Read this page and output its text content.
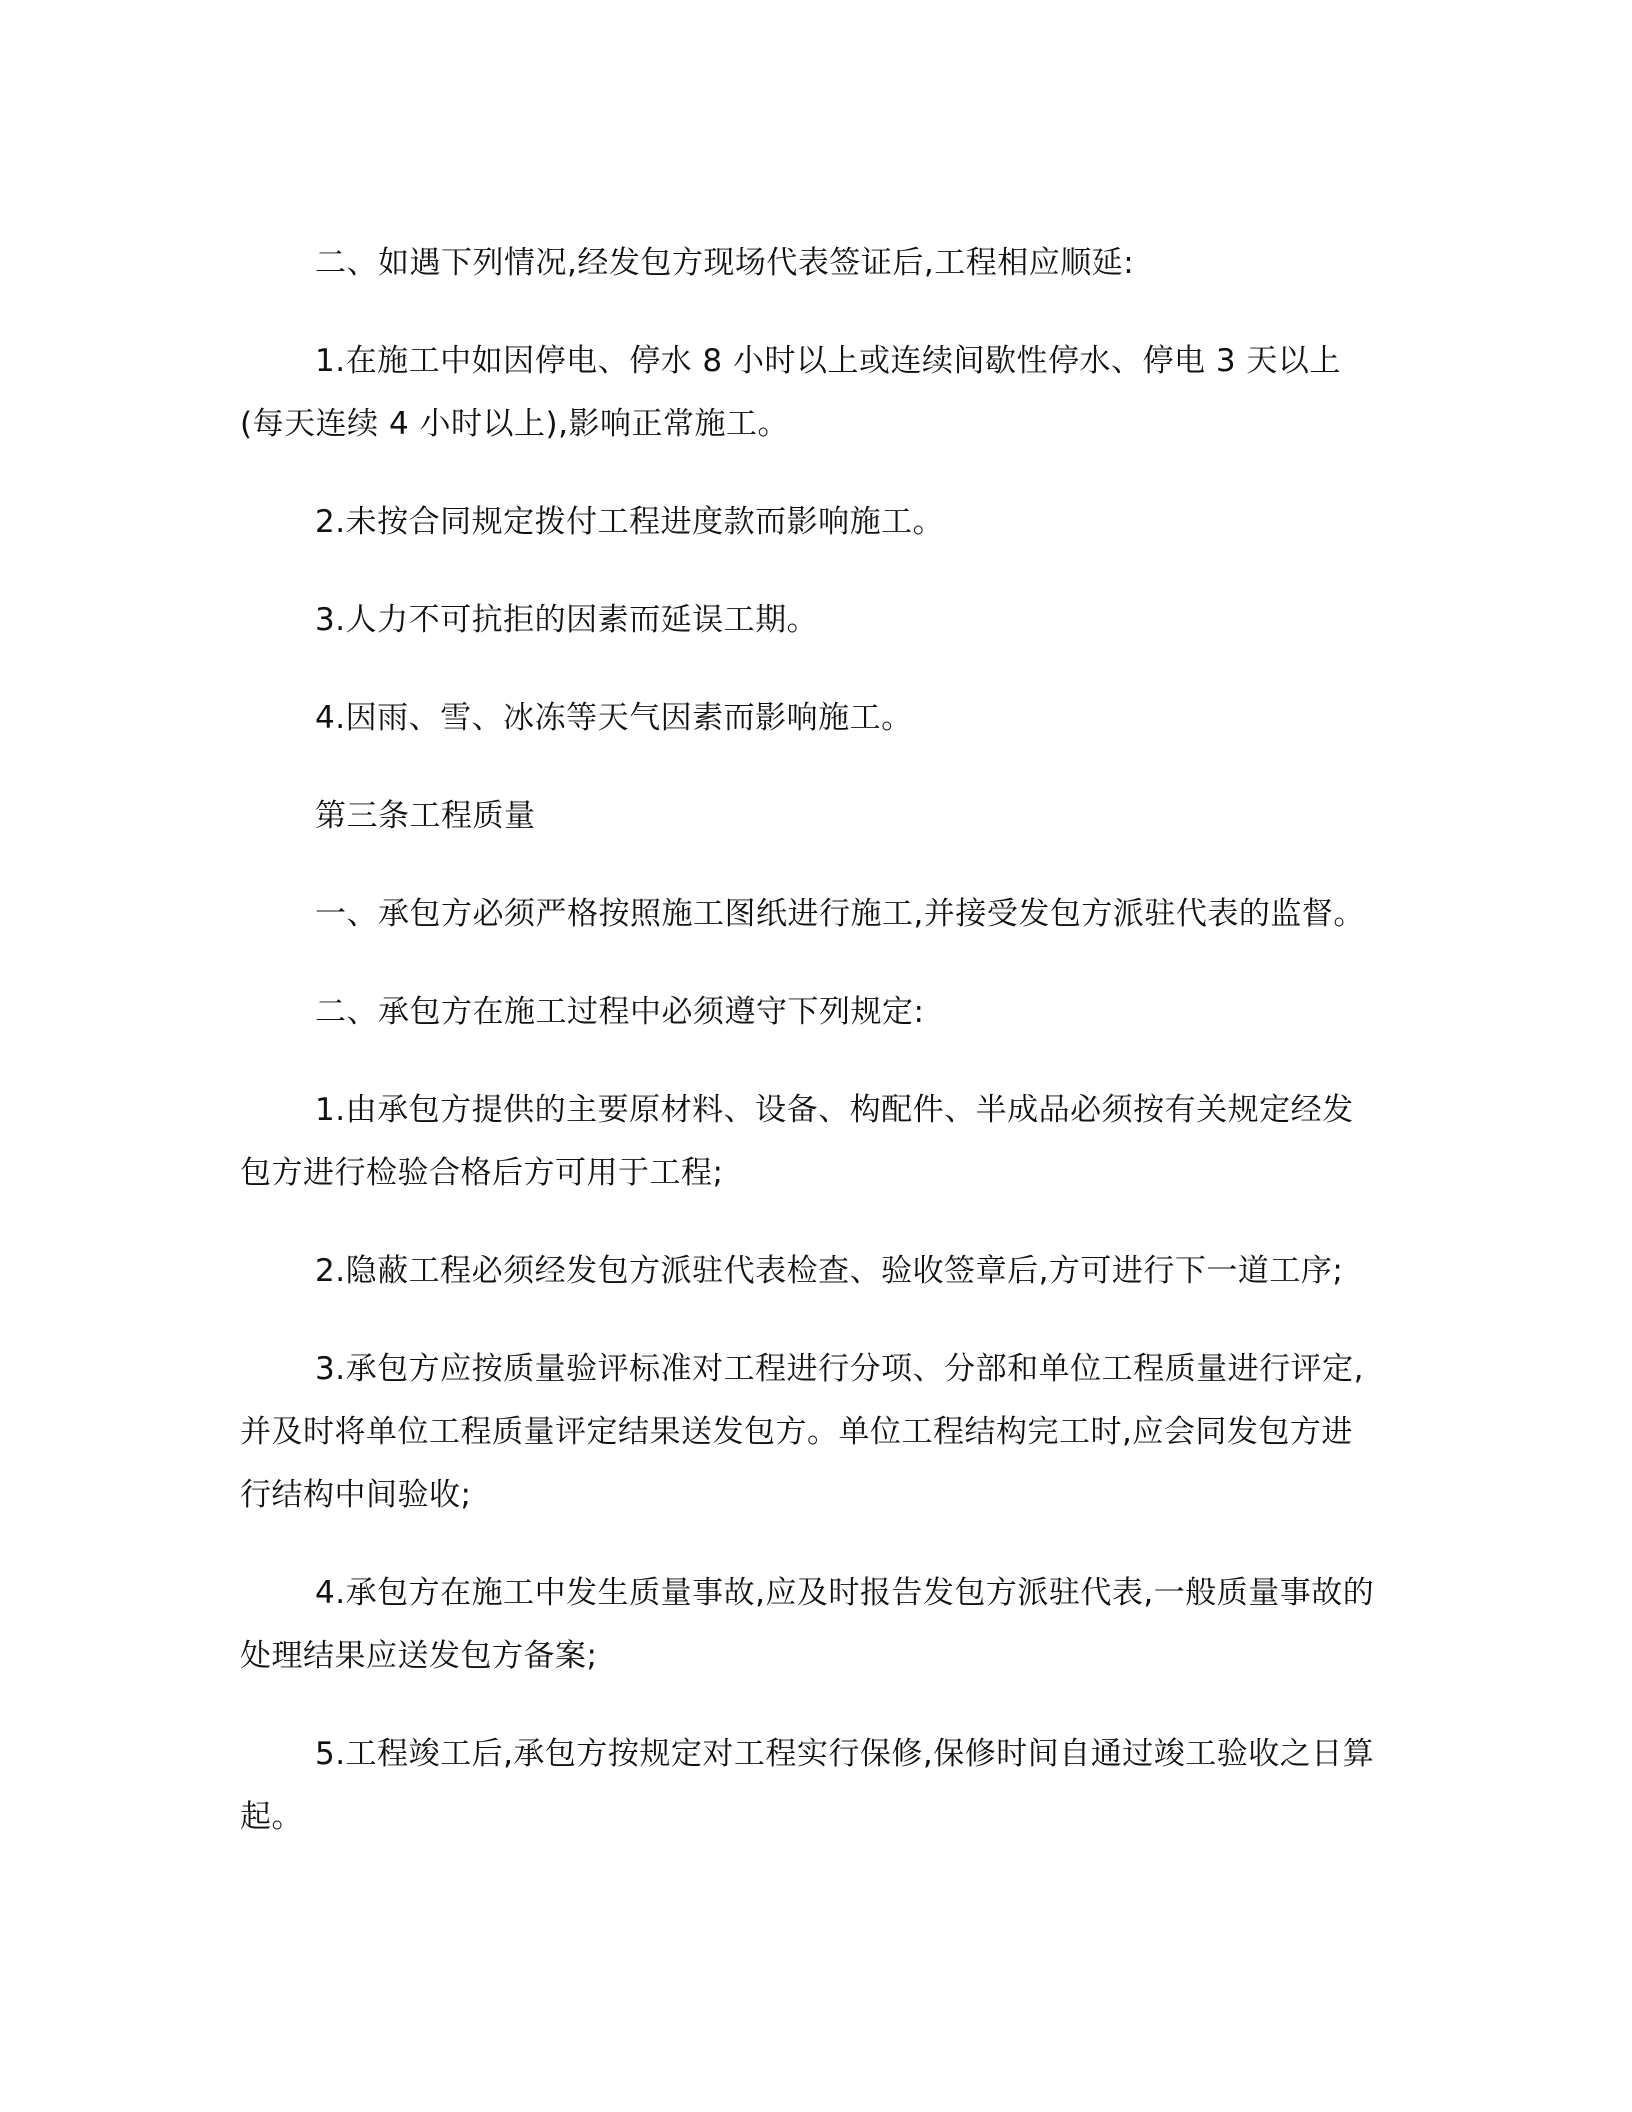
二、如遇下列情况,经发包方现场代表签证后,工程相应顺延:

1.在施工中如因停电、停水 8 小时以上或连续间歇性停水、停电 3 天以上(每天连续 4 小时以上),影响正常施工。

2.未按合同规定拨付工程进度款而影响施工。

3.人力不可抗拒的因素而延误工期。

4.因雨、雪、冰冻等天气因素而影响施工。

第三条工程质量

一、承包方必须严格按照施工图纸进行施工,并接受发包方派驻代表的监督。

二、承包方在施工过程中必须遵守下列规定:

1.由承包方提供的主要原材料、设备、构配件、半成品必须按有关规定经发包方进行检验合格后方可用于工程;

2.隐蔽工程必须经发包方派驻代表检查、验收签章后,方可进行下一道工序;

3.承包方应按质量验评标准对工程进行分项、分部和单位工程质量进行评定,并及时将单位工程质量评定结果送发包方。单位工程结构完工时,应会同发包方进行结构中间验收;

4.承包方在施工中发生质量事故,应及时报告发包方派驻代表,一般质量事故的处理结果应送发包方备案;

5.工程竣工后,承包方按规定对工程实行保修,保修时间自通过竣工验收之日算起。
